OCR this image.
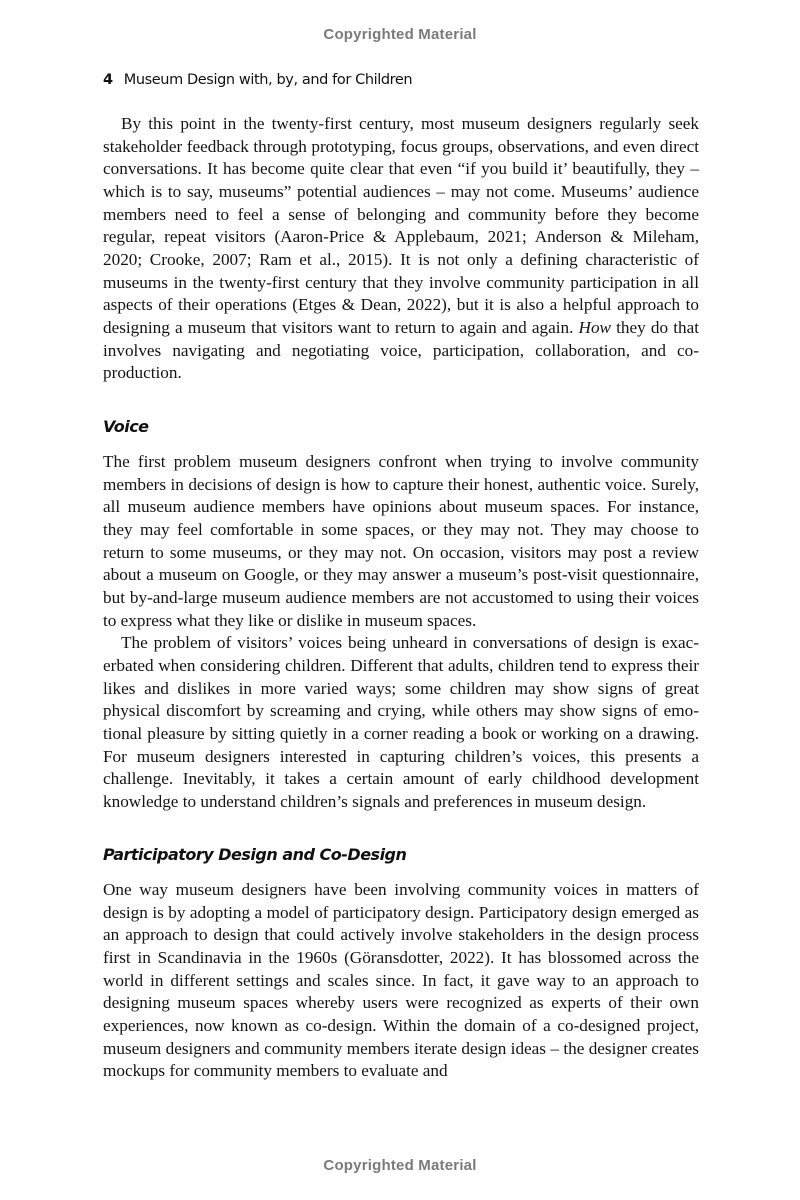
Copyrighted Material
4 Museum Design with, by, and for Children

By this point in the twenty-first century, most museum designers regularly seek stakeholder feedback through prototyping, focus groups, observations, and even direct conversations. It has become quite clear that even “if you build it’ beautifully, they – which is to say, museums” potential audiences – may not come. Museums’ audience members need to feel a sense of belonging and community before they become regular, repeat visitors (Aaron-Price & Applebaum, 2021; Anderson & Mileham, 2020; Crooke, 2007; Ram et al., 2015). It is not only a defining characteristic of museums in the twenty-first century that they involve community participation in all aspects of their operations (Etges & Dean, 2022), but it is also a helpful approach to designing a museum that visitors want to return to again and again. How they do that involves navigating and negotiating voice, participation, collaboration, and co-production.

Voice

The first problem museum designers confront when trying to involve community members in decisions of design is how to capture their honest, authentic voice. Surely, all museum audience members have opinions about museum spaces. For instance, they may feel comfortable in some spaces, or they may not. They may choose to return to some museums, or they may not. On occasion, visitors may post a review about a museum on Google, or they may answer a museum’s post-visit questionnaire, but by-and-large museum audience members are not accustomed to using their voices to express what they like or dislike in museum spaces.

The problem of visitors’ voices being unheard in conversations of design is exacerbated when considering children. Different that adults, children tend to express their likes and dislikes in more varied ways; some children may show signs of great physical discomfort by screaming and crying, while others may show signs of emotional pleasure by sitting quietly in a corner reading a book or working on a drawing. For museum designers interested in capturing children’s voices, this presents a challenge. Inevitably, it takes a certain amount of early childhood development knowledge to understand children’s signals and preferences in museum design.

Participatory Design and Co-Design

One way museum designers have been involving community voices in matters of design is by adopting a model of participatory design. Participatory design emerged as an approach to design that could actively involve stakeholders in the design process first in Scandinavia in the 1960s (Göransdotter, 2022). It has blossomed across the world in different settings and scales since. In fact, it gave way to an approach to designing museum spaces whereby users were recognized as experts of their own experiences, now known as co-design. Within the domain of a co-designed project, museum designers and community members iterate design ideas – the designer creates mockups for community members to evaluate and

Copyrighted Material
